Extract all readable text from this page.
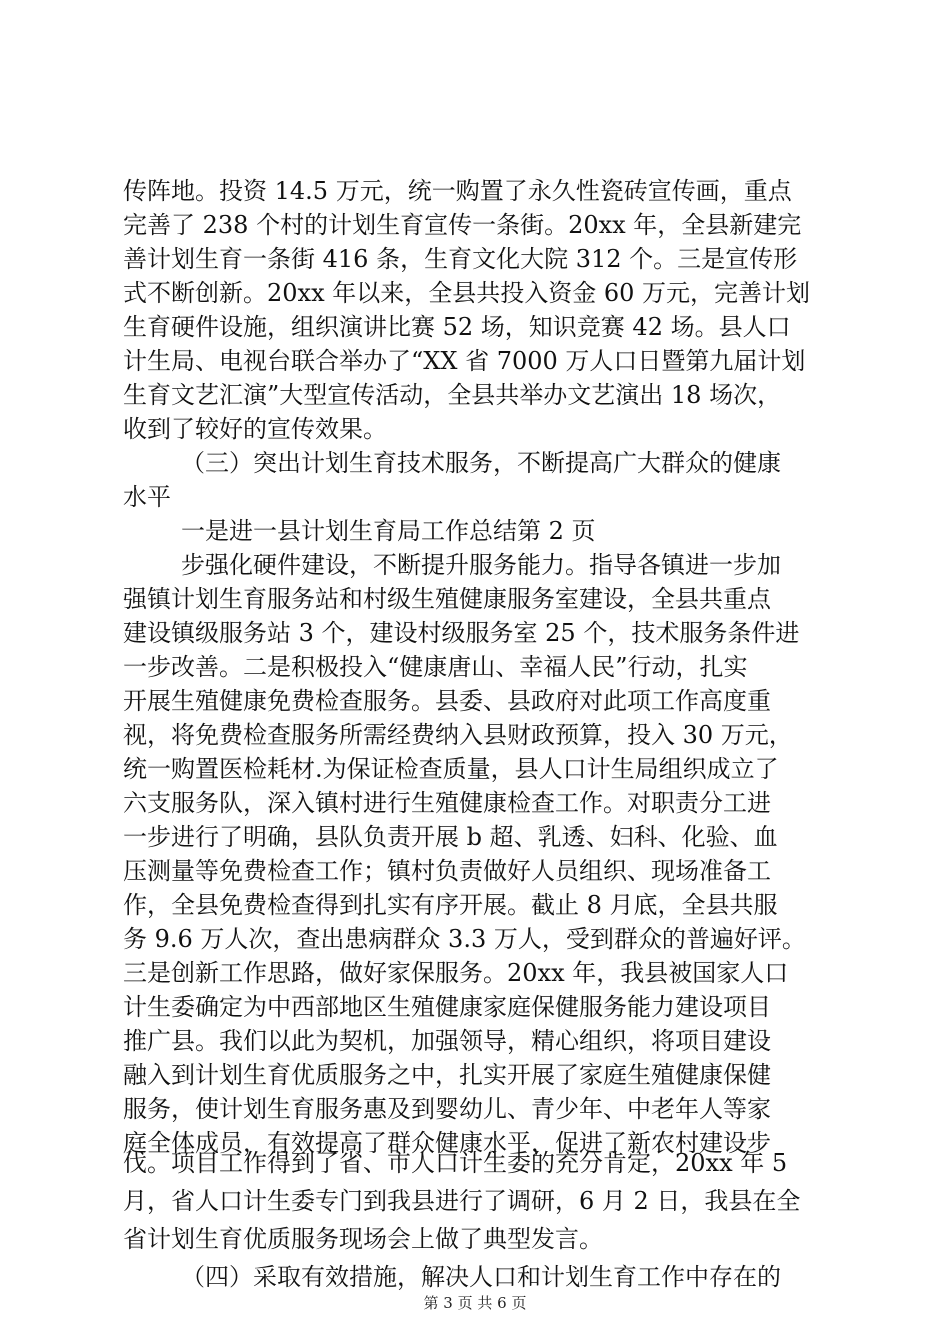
传阵地。投资 14.5 万元，统一购置了永久性瓷砖宣传画，重点
完善了 238 个村的计划生育宣传一条街。20xx 年，全县新建完
善计划生育一条街 416 条，生育文化大院 312 个。三是宣传形
式不断创新。20xx 年以来，全县共投入资金 60 万元，完善计划
生育硬件设施，组织演讲比赛 52 场，知识竞赛 42 场。县人口
计生局、电视台联合举办了“XX 省 7000 万人口日暨第九届计划
生育文艺汇演”大型宣传活动，全县共举办文艺演出 18 场次，
收到了较好的宣传效果。
（三）突出计划生育技术服务，不断提高广大群众的健康
水平
一是进一县计划生育局工作总结第 2 页
步强化硬件建设，不断提升服务能力。指导各镇进一步加
强镇计划生育服务站和村级生殖健康服务室建设，全县共重点
建设镇级服务站 3 个，建设村级服务室 25 个，技术服务条件进
一步改善。二是积极投入“健康唐山、幸福人民”行动，扎实
开展生殖健康免费检查服务。县委、县政府对此项工作高度重
视，将免费检查服务所需经费纳入县财政预算，投入 30 万元，
统一购置医检耗材.为保证检查质量，县人口计生局组织成立了
六支服务队，深入镇村进行生殖健康检查工作。对职责分工进
一步进行了明确，县队负责开展 b 超、乳透、妇科、化验、血
压测量等免费检查工作；镇村负责做好人员组织、现场准备工
作，全县免费检查得到扎实有序开展。截止 8 月底，全县共服
务 9.6 万人次，查出患病群众 3.3 万人，受到群众的普遍好评。
三是创新工作思路，做好家保服务。20xx 年，我县被国家人口
计生委确定为中西部地区生殖健康家庭保健服务能力建设项目
推广县。我们以此为契机，加强领导，精心组织，将项目建设
融入到计划生育优质服务之中，扎实开展了家庭生殖健康保健
服务，使计划生育服务惠及到婴幼儿、青少年、中老年人等家
庭全体成员，有效提高了群众健康水平，促进了新农村建设步
伐。项目工作得到了省、市人口计生委的充分肯定，20xx 年 5
月，省人口计生委专门到我县进行了调研，6 月 2 日，我县在全
省计划生育优质服务现场会上做了典型发言。
（四）采取有效措施，解决人口和计划生育工作中存在的
第 3 页 共 6 页
